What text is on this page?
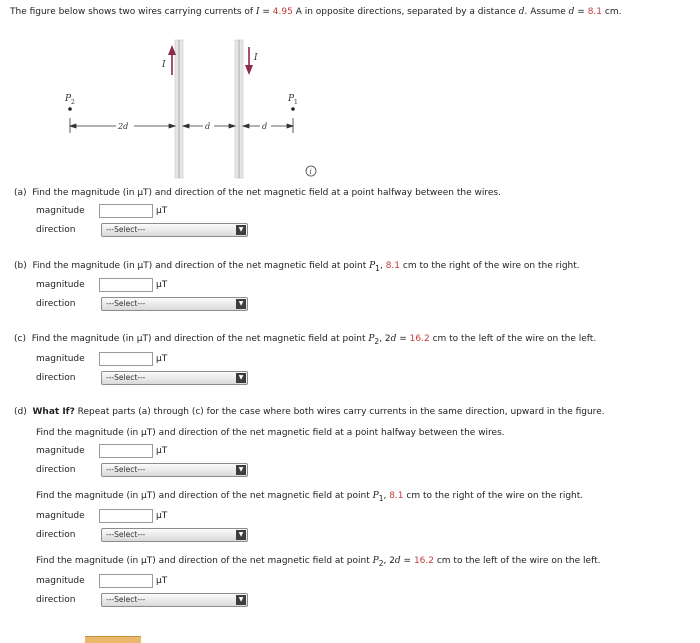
The figure below shows two wires carrying currents of I = 4.95 A in opposite directions, separated by a distance d. Assume d = 8.1 cm.
I
I
P 2	P 1
2d	d	d
i
(a) Find the magnitude (in μT) and direction of the net magnetic field at a point halfway between the wires.
magnitude	μT
direction	---Select---	▼
(b) Find the magnitude (in μT) and direction of the net magnetic field at point $P_1$, 8.1 cm to the right of the wire on the right.
magnitude	μT
direction	---Select---	▼
(c) Find the magnitude (in μT) and direction of the net magnetic field at point $P_2$, 2d = 16.2 cm to the left of the wire on the left.
magnitude	μT
direction	---Select---	▼
(d) What If? Repeat parts (a) through (c) for the case where both wires carry currents in the same direction, upward in the figure.
Find the magnitude (in μT) and direction of the net magnetic field at a point halfway between the wires.
magnitude	μT
direction	---Select---	▼
Find the magnitude (in μT) and direction of the net magnetic field at point $P_1$, 8.1 cm to the right of the wire on the right.
magnitude	μT
direction	---Select---	▼
Find the magnitude (in μT) and direction of the net magnetic field at point $P_2$, 2d = 16.2 cm to the left of the wire on the left.
magnitude	μT
direction	---Select---	▼
